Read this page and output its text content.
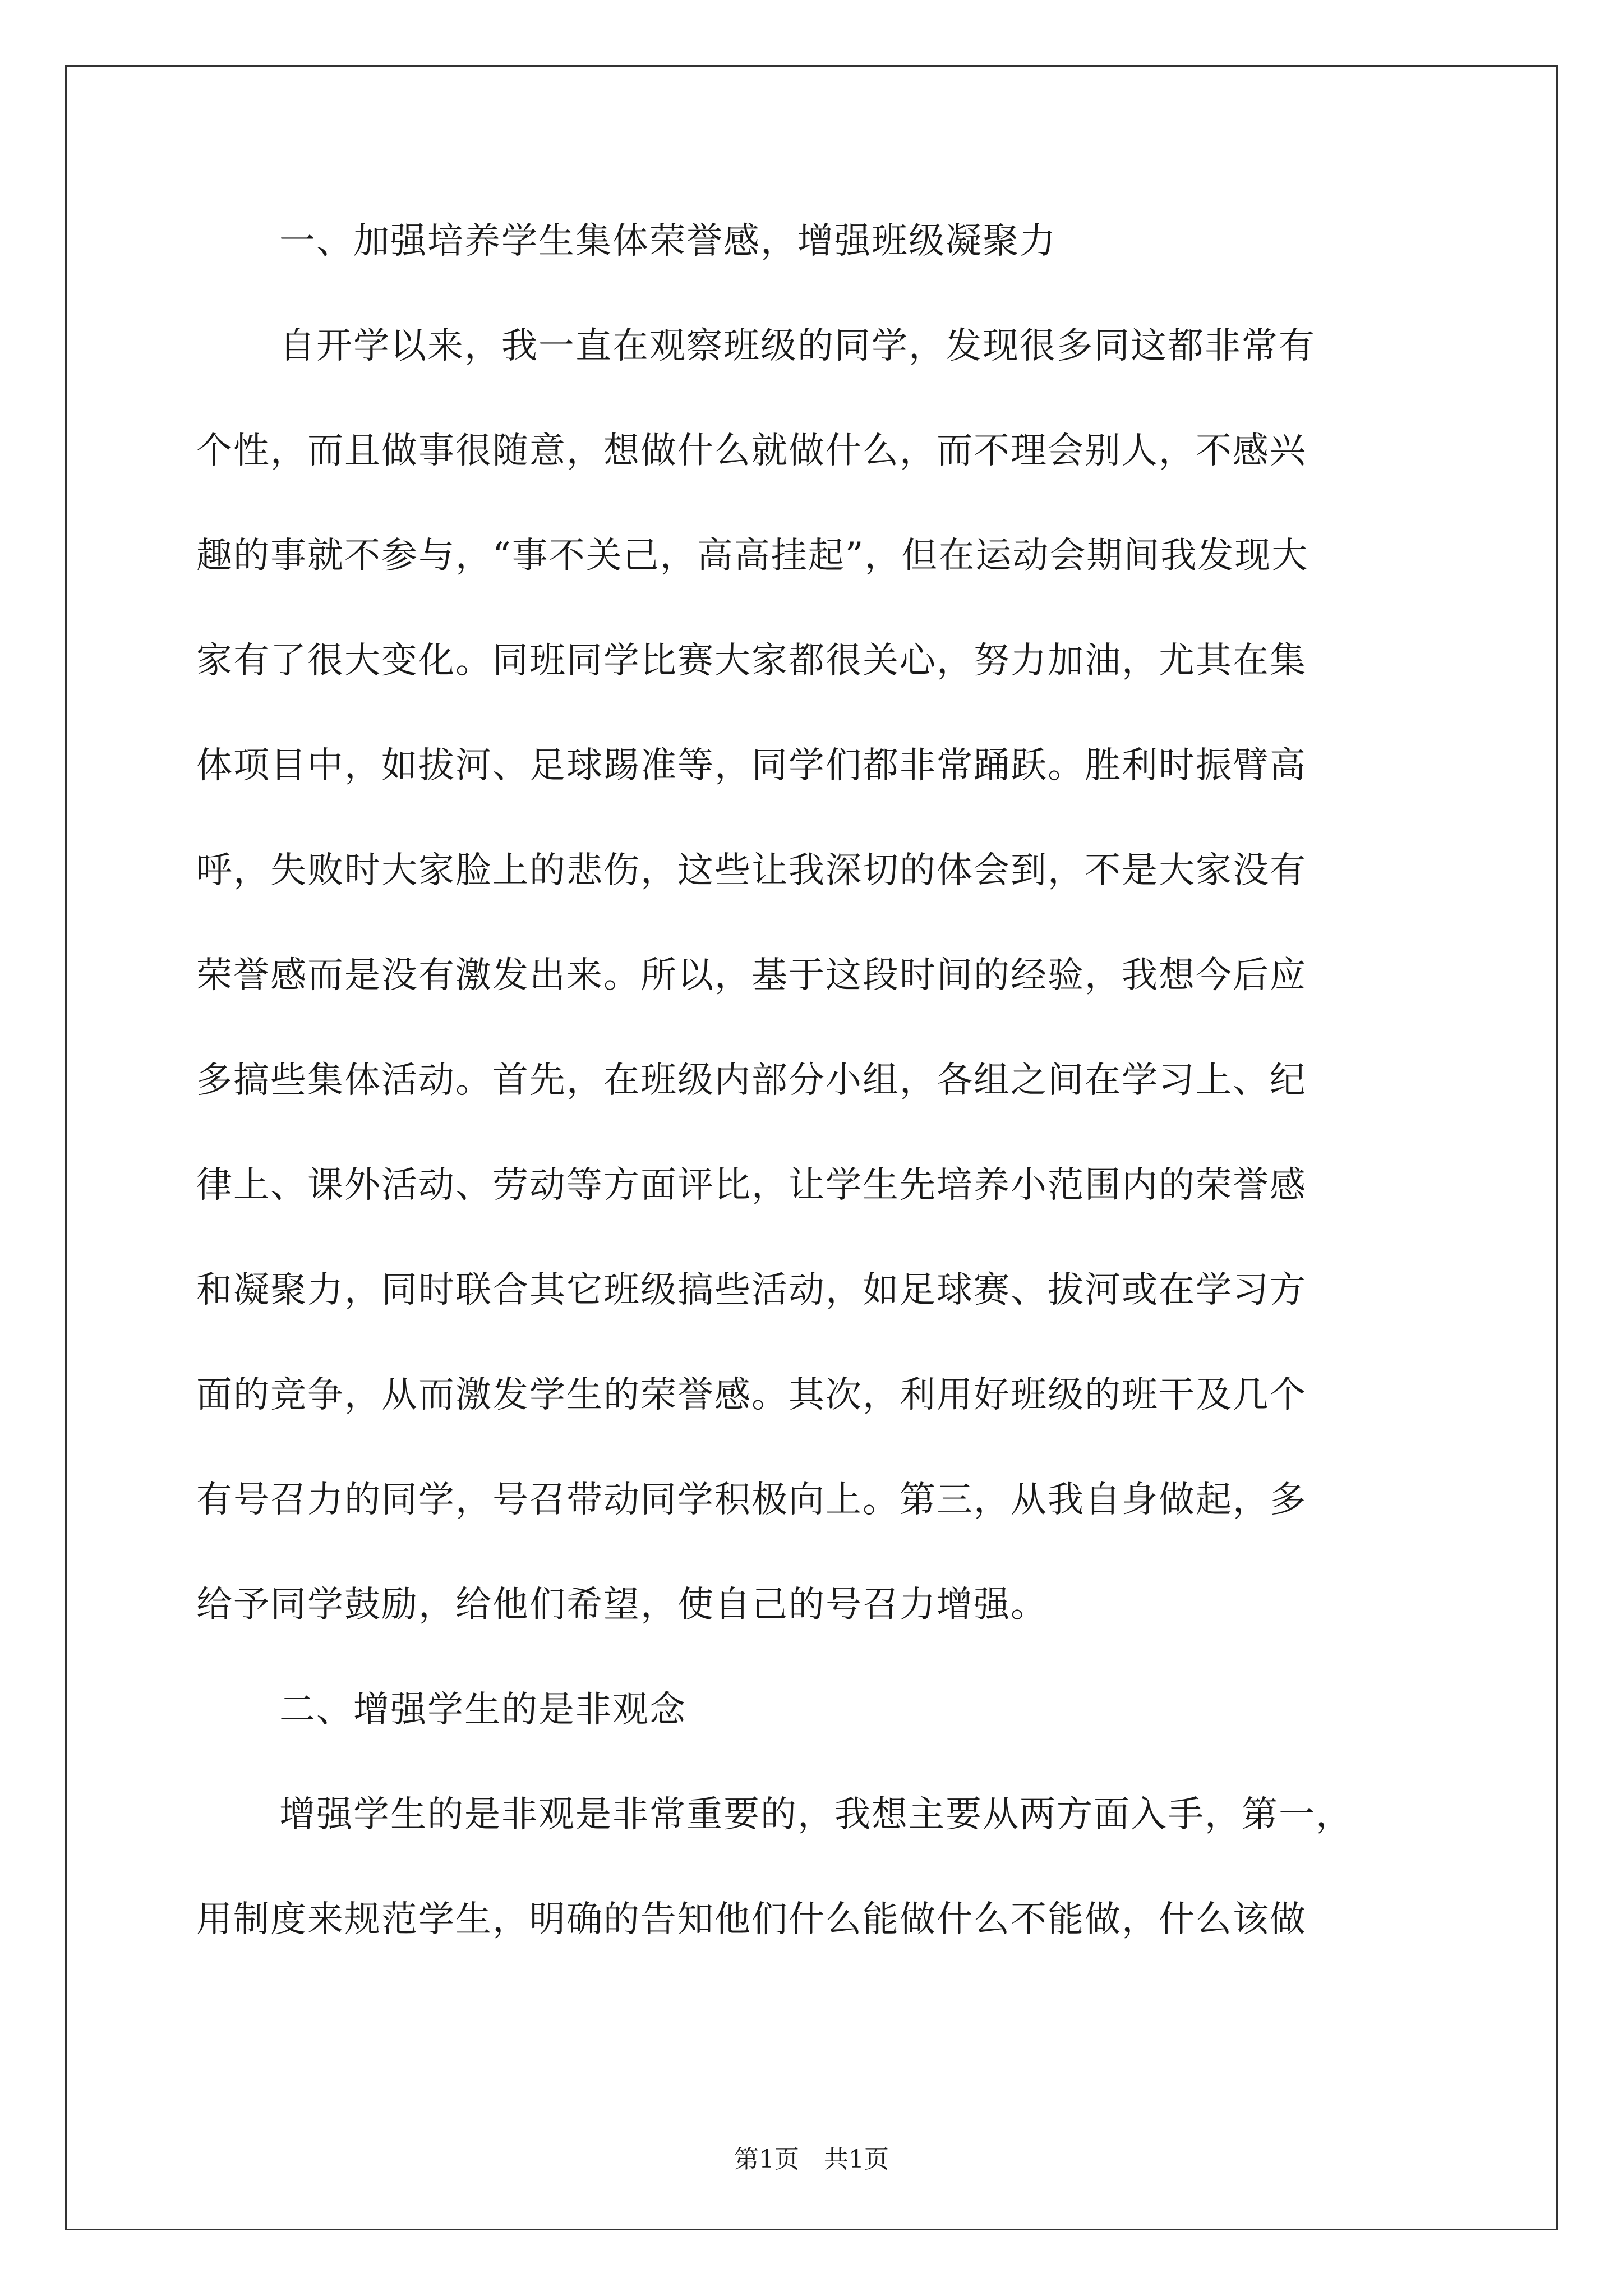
一、加强培养学生集体荣誉感，增强班级凝聚力
自开学以来，我一直在观察班级的同学，发现很多同这都非常有
个性，而且做事很随意，想做什么就做什么，而不理会别人，不感兴
趣的事就不参与，“事不关己，高高挂起”，但在运动会期间我发现大
家有了很大变化。同班同学比赛大家都很关心，努力加油，尤其在集
体项目中，如拔河、足球踢准等，同学们都非常踊跃。胜利时振臂高
呼，失败时大家脸上的悲伤，这些让我深切的体会到，不是大家没有
荣誉感而是没有激发出来。所以，基于这段时间的经验，我想今后应
多搞些集体活动。首先，在班级内部分小组，各组之间在学习上、纪
律上、课外活动、劳动等方面评比，让学生先培养小范围内的荣誉感
和凝聚力，同时联合其它班级搞些活动，如足球赛、拔河或在学习方
面的竞争，从而激发学生的荣誉感。其次，利用好班级的班干及几个
有号召力的同学，号召带动同学积极向上。第三，从我自身做起，多
给予同学鼓励，给他们希望，使自己的号召力增强。
二、增强学生的是非观念
增强学生的是非观是非常重要的，我想主要从两方面入手，第一，
用制度来规范学生，明确的告知他们什么能做什么不能做，什么该做
第1页　共1页
